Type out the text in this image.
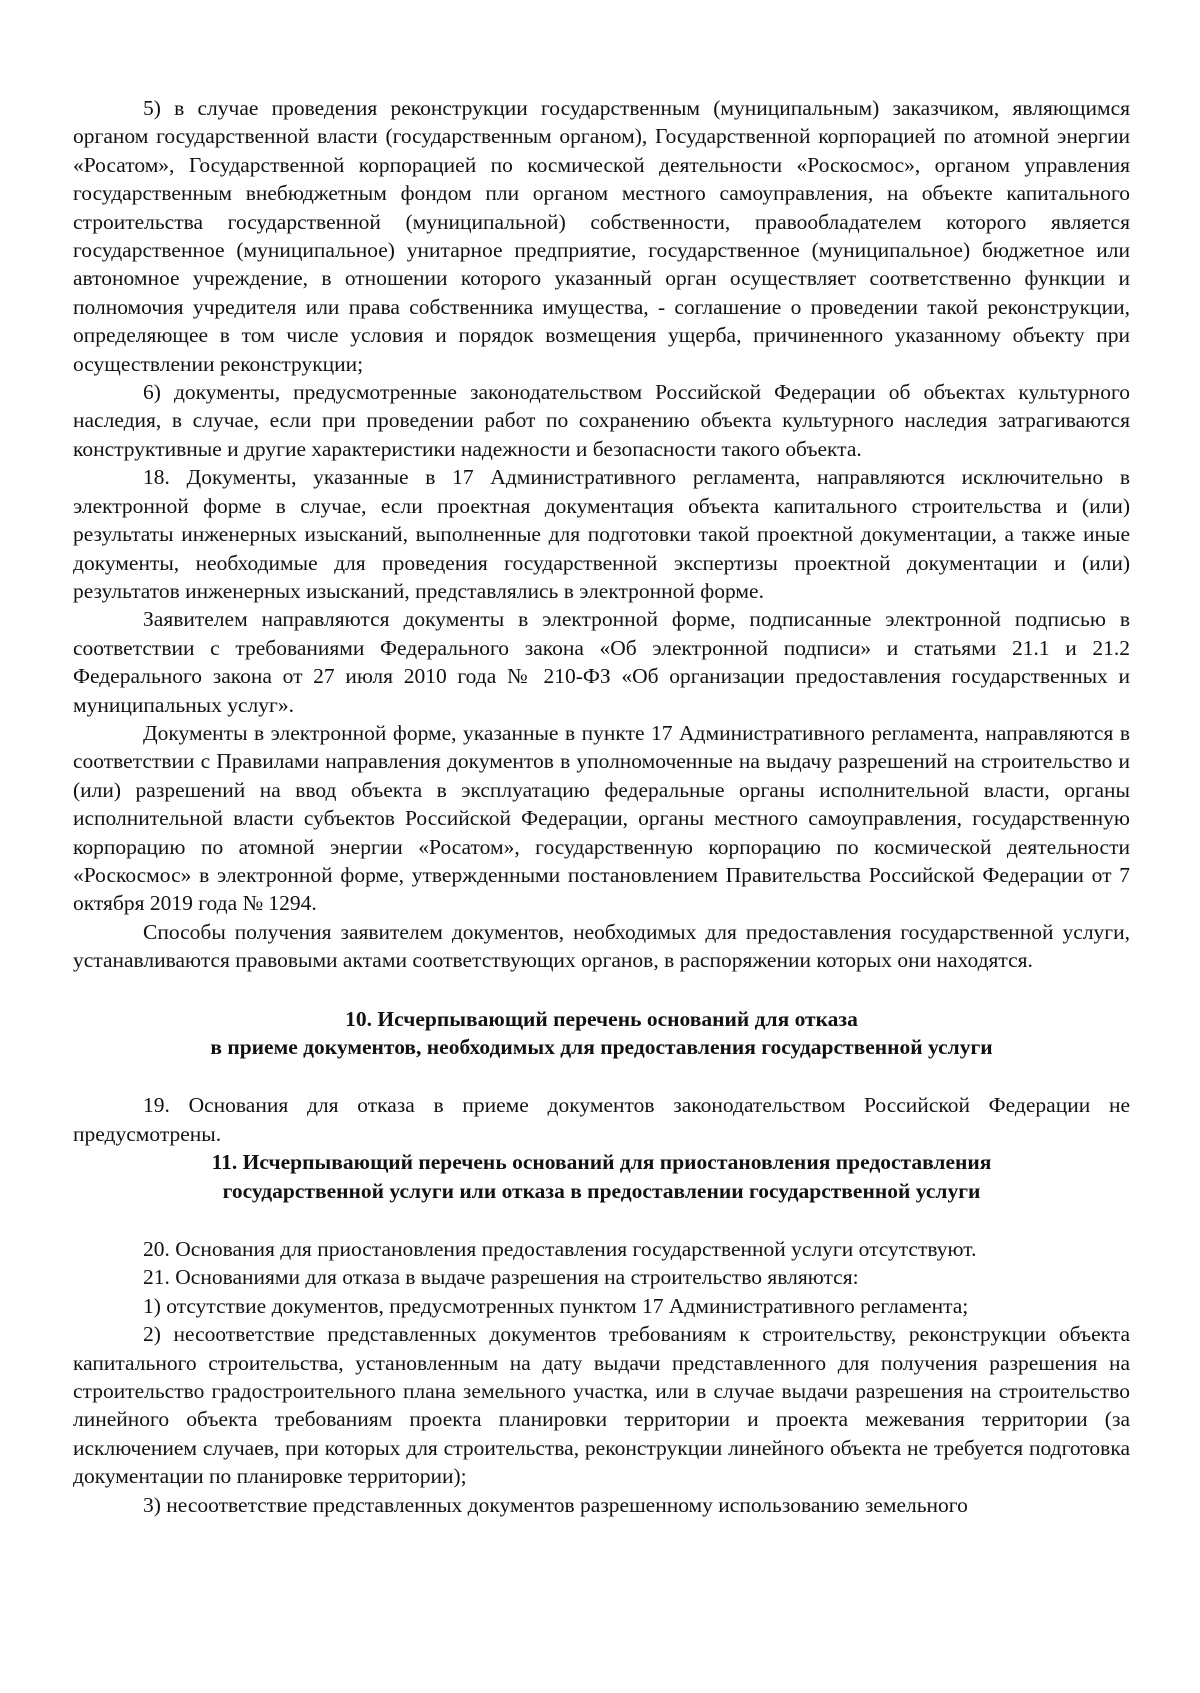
5) в случае проведения реконструкции государственным (муниципальным) заказчиком, являющимся органом государственной власти (государственным органом), Государственной корпорацией по атомной энергии «Росатом», Государственной корпорацией по космической деятельности «Роскосмос», органом управления государственным внебюджетным фондом пли органом местного самоуправления, на объекте капитального строительства государственной (муниципальной) собственности, правообладателем которого является государственное (муниципальное) унитарное предприятие, государственное (муниципальное) бюджетное или автономное учреждение, в отношении которого указанный орган осуществляет соответственно функции и полномочия учредителя или права собственника имущества, - соглашение о проведении такой реконструкции, определяющее в том числе условия и порядок возмещения ущерба, причиненного указанному объекту при осуществлении реконструкции;

6) документы, предусмотренные законодательством Российской Федерации об объектах культурного наследия, в случае, если при проведении работ по сохранению объекта культурного наследия затрагиваются конструктивные и другие характеристики надежности и безопасности такого объекта.

18. Документы, указанные в 17 Административного регламента, направляются исключительно в электронной форме в случае, если проектная документация объекта капитального строительства и (или) результаты инженерных изысканий, выполненные для подготовки такой проектной документации, а также иные документы, необходимые для проведения государственной экспертизы проектной документации и (или) результатов инженерных изысканий, представлялись в электронной форме.

Заявителем направляются документы в электронной форме, подписанные электронной подписью в соответствии с требованиями Федерального закона «Об электронной подписи» и статьями 21.1 и 21.2 Федерального закона от 27 июля 2010 года № 210-ФЗ «Об организации предоставления государственных и муниципальных услуг».

Документы в электронной форме, указанные в пункте 17 Административного регламента, направляются в соответствии с Правилами направления документов в уполномоченные на выдачу разрешений на строительство и (или) разрешений на ввод объекта в эксплуатацию федеральные органы исполнительной власти, органы исполнительной власти субъектов Российской Федерации, органы местного самоуправления, государственную корпорацию по атомной энергии «Росатом», государственную корпорацию по космической деятельности «Роскосмос» в электронной форме, утвержденными постановлением Правительства Российской Федерации от 7 октября 2019 года № 1294.

Способы получения заявителем документов, необходимых для предоставления государственной услуги, устанавливаются правовыми актами соответствующих органов, в распоряжении которых они находятся.

10. Исчерпывающий перечень оснований для отказа
в приеме документов, необходимых для предоставления государственной услуги

19. Основания для отказа в приеме документов законодательством Российской Федерации не предусмотрены.

11. Исчерпывающий перечень оснований для приостановления предоставления
государственной услуги или отказа в предоставлении государственной услуги

20. Основания для приостановления предоставления государственной услуги отсутствуют.

21. Основаниями для отказа в выдаче разрешения на строительство являются:

1) отсутствие документов, предусмотренных пунктом 17 Административного регламента;

2) несоответствие представленных документов требованиям к строительству, реконструкции объекта капитального строительства, установленным на дату выдачи представленного для получения разрешения на строительство градостроительного плана земельного участка, или в случае выдачи разрешения на строительство линейного объекта требованиям проекта планировки территории и проекта межевания территории (за исключением случаев, при которых для строительства, реконструкции линейного объекта не требуется подготовка документации по планировке территории);

3) несоответствие представленных документов разрешенному использованию земельного
